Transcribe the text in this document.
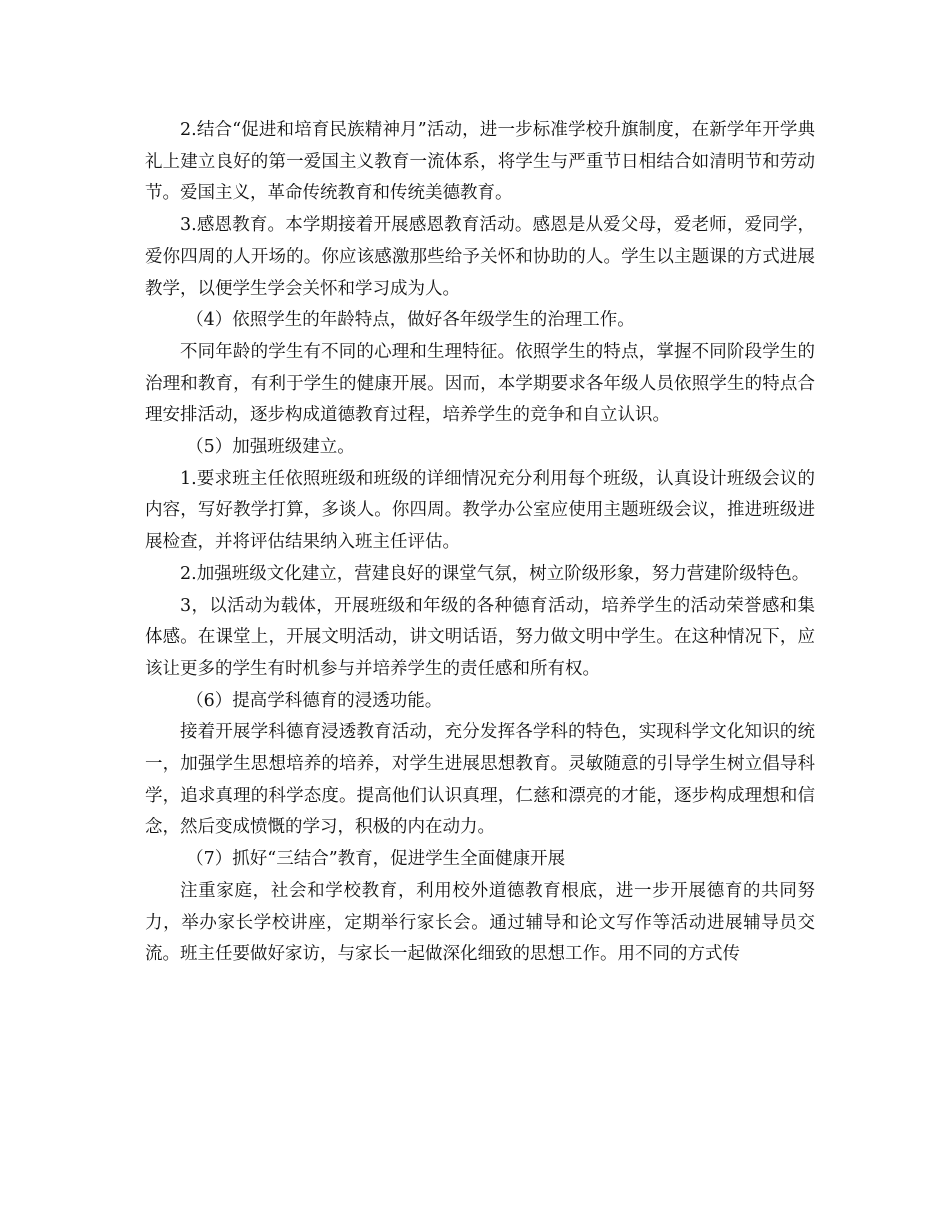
2.结合“促进和培育民族精神月”活动，进一步标准学校升旗制度，在新学年开学典礼上建立良好的第一爱国主义教育一流体系，将学生与严重节日相结合如清明节和劳动节。爱国主义，革命传统教育和传统美德教育。

3.感恩教育。本学期接着开展感恩教育活动。感恩是从爱父母，爱老师，爱同学，爱你四周的人开场的。你应该感激那些给予关怀和协助的人。学生以主题课的方式进展教学，以便学生学会关怀和学习成为人。

（4）依照学生的年龄特点，做好各年级学生的治理工作。

不同年龄的学生有不同的心理和生理特征。依照学生的特点，掌握不同阶段学生的治理和教育，有利于学生的健康开展。因而，本学期要求各年级人员依照学生的特点合理安排活动，逐步构成道德教育过程，培养学生的竞争和自立认识。

（5）加强班级建立。

1.要求班主任依照班级和班级的详细情况充分利用每个班级，认真设计班级会议的内容，写好教学打算，多谈人。你四周。教学办公室应使用主题班级会议，推进班级进展检查，并将评估结果纳入班主任评估。

2.加强班级文化建立，营建良好的课堂气氛，树立阶级形象，努力营建阶级特色。

3，以活动为载体，开展班级和年级的各种德育活动，培养学生的活动荣誉感和集体感。在课堂上，开展文明活动，讲文明话语，努力做文明中学生。在这种情况下，应该让更多的学生有时机参与并培养学生的责任感和所有权。

（6）提高学科德育的浸透功能。

接着开展学科德育浸透教育活动，充分发挥各学科的特色，实现科学文化知识的统一，加强学生思想培养的培养，对学生进展思想教育。灵敏随意的引导学生树立倡导科学，追求真理的科学态度。提高他们认识真理，仁慈和漂亮的才能，逐步构成理想和信念，然后变成愤慨的学习，积极的内在动力。

（7）抓好“三结合”教育，促进学生全面健康开展

注重家庭，社会和学校教育，利用校外道德教育根底，进一步开展德育的共同努力，举办家长学校讲座，定期举行家长会。通过辅导和论文写作等活动进展辅导员交流。班主任要做好家访，与家长一起做深化细致的思想工作。用不同的方式传
